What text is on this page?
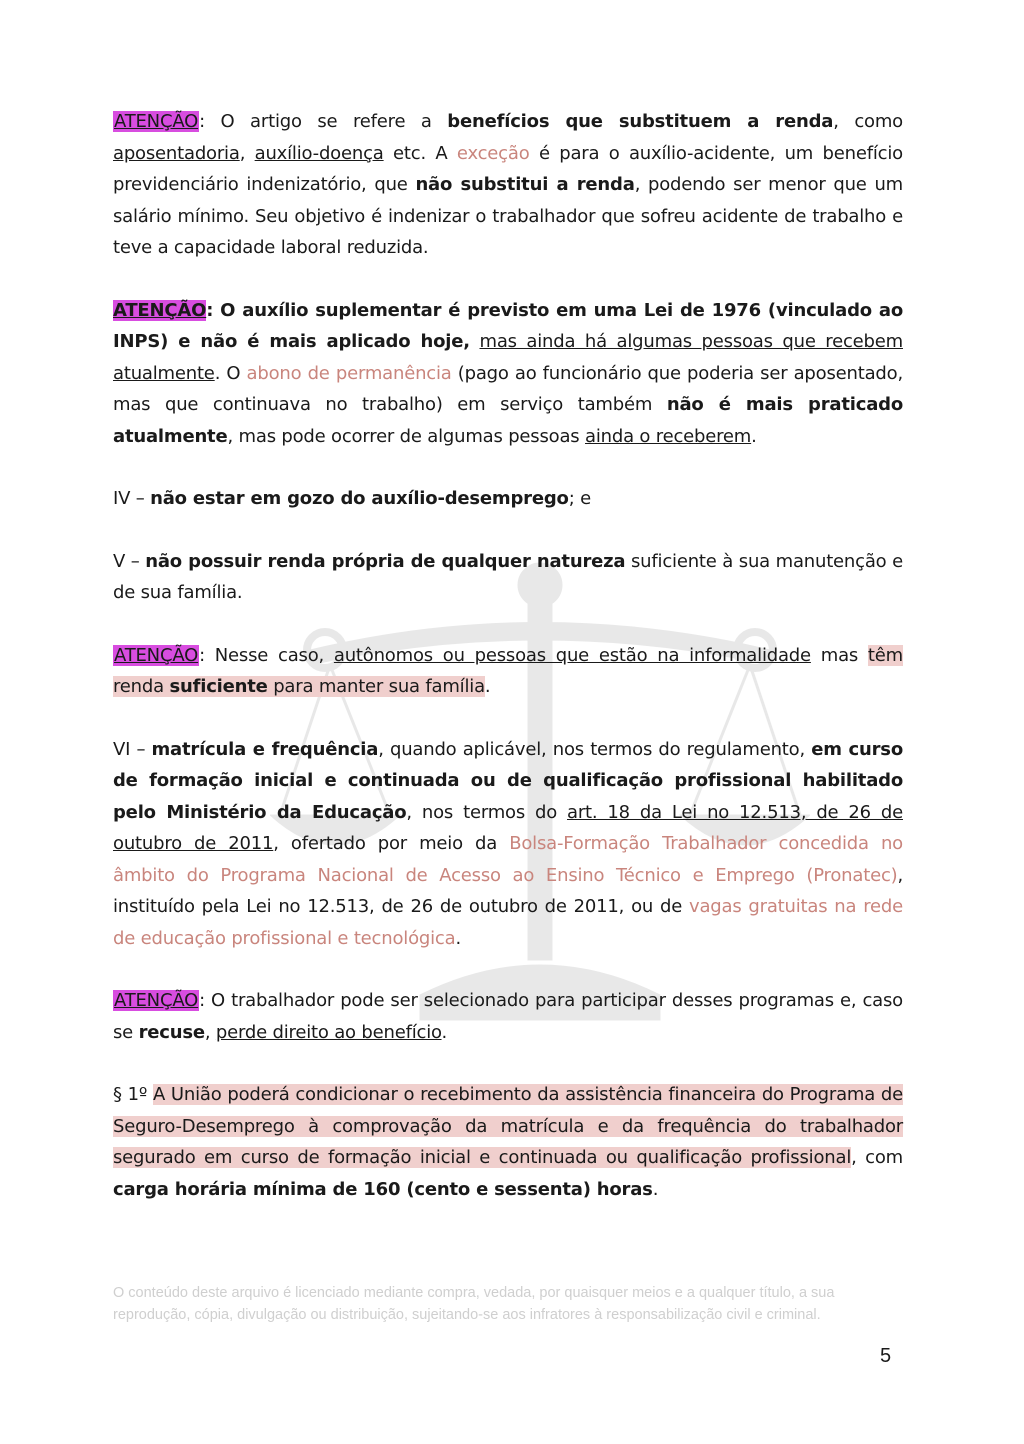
ATENÇÃO: O artigo se refere a benefícios que substituem a renda, como aposentadoria, auxílio-doença etc. A exceção é para o auxílio-acidente, um benefício previdenciário indenizatório, que não substitui a renda, podendo ser menor que um salário mínimo. Seu objetivo é indenizar o trabalhador que sofreu acidente de trabalho e teve a capacidade laboral reduzida.

ATENÇÃO: O auxílio suplementar é previsto em uma Lei de 1976 (vinculado ao INPS) e não é mais aplicado hoje, mas ainda há algumas pessoas que recebem atualmente. O abono de permanência (pago ao funcionário que poderia ser aposentado, mas que continuava no trabalho) em serviço também não é mais praticado atualmente, mas pode ocorrer de algumas pessoas ainda o receberem.

IV – não estar em gozo do auxílio-desemprego; e

V – não possuir renda própria de qualquer natureza suficiente à sua manutenção e de sua família.

ATENÇÃO: Nesse caso, autônomos ou pessoas que estão na informalidade mas têm renda suficiente para manter sua família.

VI – matrícula e frequência, quando aplicável, nos termos do regulamento, em curso de formação inicial e continuada ou de qualificação profissional habilitado pelo Ministério da Educação, nos termos do art. 18 da Lei no 12.513, de 26 de outubro de 2011, ofertado por meio da Bolsa-Formação Trabalhador concedida no âmbito do Programa Nacional de Acesso ao Ensino Técnico e Emprego (Pronatec), instituído pela Lei no 12.513, de 26 de outubro de 2011, ou de vagas gratuitas na rede de educação profissional e tecnológica.

ATENÇÃO: O trabalhador pode ser selecionado para participar desses programas e, caso se recuse, perde direito ao benefício.

§ 1º A União poderá condicionar o recebimento da assistência financeira do Programa de Seguro-Desemprego à comprovação da matrícula e da frequência do trabalhador segurado em curso de formação inicial e continuada ou qualificação profissional, com carga horária mínima de 160 (cento e sessenta) horas.

O conteúdo deste arquivo é licenciado mediante compra, vedada, por quaisquer meios e a qualquer título, a sua reprodução, cópia, divulgação ou distribuição, sujeitando-se aos infratores à responsabilização civil e criminal.
5
